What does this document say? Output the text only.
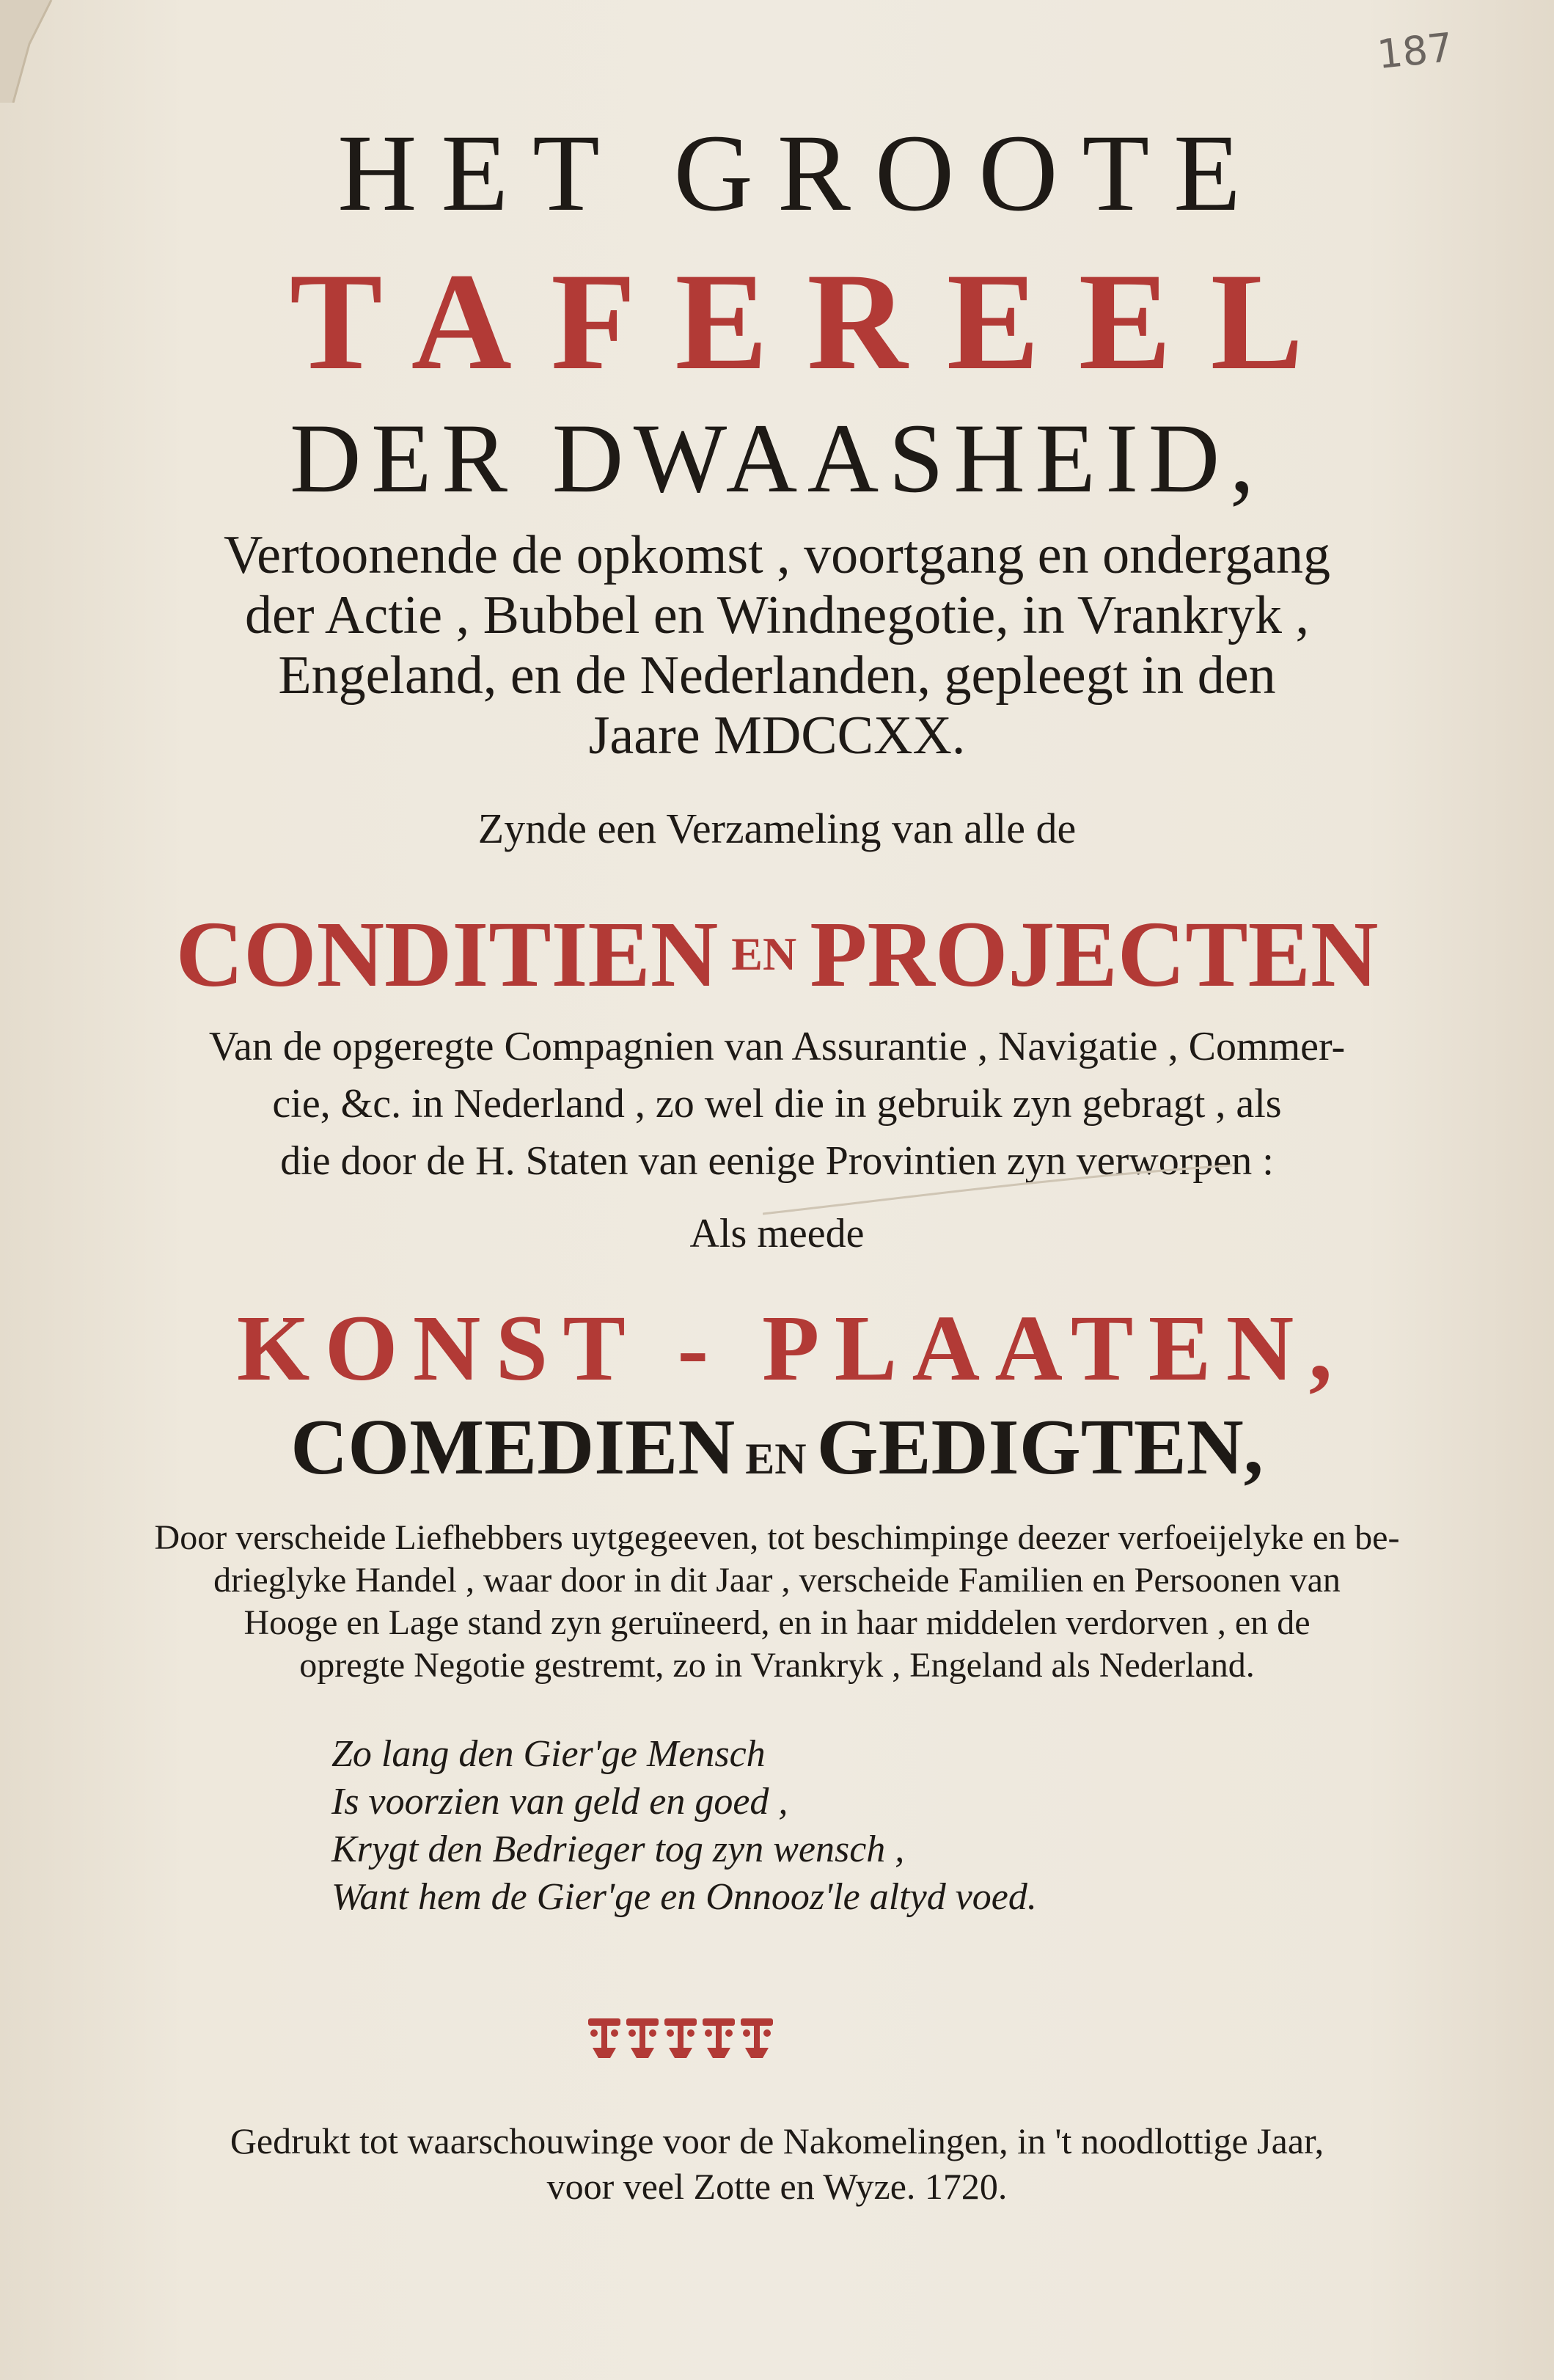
187
HET GROOTE
TAFEREEL
DER DWAASHEID,
Vertoonende de opkomst , voortgang en ondergang
der Actie , Bubbel en Windnegotie, in Vrankryk ,
Engeland, en de Nederlanden, gepleegt in den
Jaare MDCCXX.
Zynde een Verzameling van alle de
CONDITIEN EN PROJECTEN
Van de opgeregte Compagnien van Assurantie , Navigatie , Commer-
cie, &c. in Nederland , zo wel die in gebruik zyn gebragt , als
die door de H. Staten van eenige Provintien zyn verworpen :
Als meede
KONST - PLAATEN,
COMEDIEN EN GEDIGTEN,
Door verscheide Liefhebbers uytgegeeven, tot beschimpinge deezer verfoeijelyke en be-
drieglyke Handel , waar door in dit Jaar , verscheide Familien en Persoonen van
Hooge en Lage stand zyn geruïneerd, en in haar middelen verdorven , en de
opregte Negotie gestremt, zo in Vrankryk , Engeland als Nederland.
Zo lang den Gier'ge Mensch
Is voorzien van geld en goed ,
Krygt den Bedrieger tog zyn wensch ,
Want hem de Gier'ge en Onnooz'le altyd voed.
Gedrukt tot waarschouwinge voor de Nakomelingen, in 't noodlottige Jaar,
voor veel Zotte en Wyze. 1720.
